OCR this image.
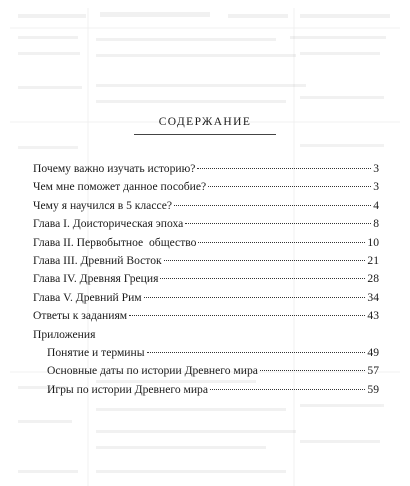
СОДЕРЖАНИЕ
Почему важно изучать историю?	3
Чем мне поможет данное пособие?	3
Чему я научился в 5 классе?	4
Глава I. Доисторическая эпоха	8
Глава II. Первобытное  общество	10
Глава III. Древний Восток	21
Глава IV. Древняя Греция	28
Глава V. Древний Рим	34
Ответы к заданиям	43
Приложения
Понятие и термины	49
Основные даты по истории Древнего мира	57
Игры по истории Древнего мира	59
